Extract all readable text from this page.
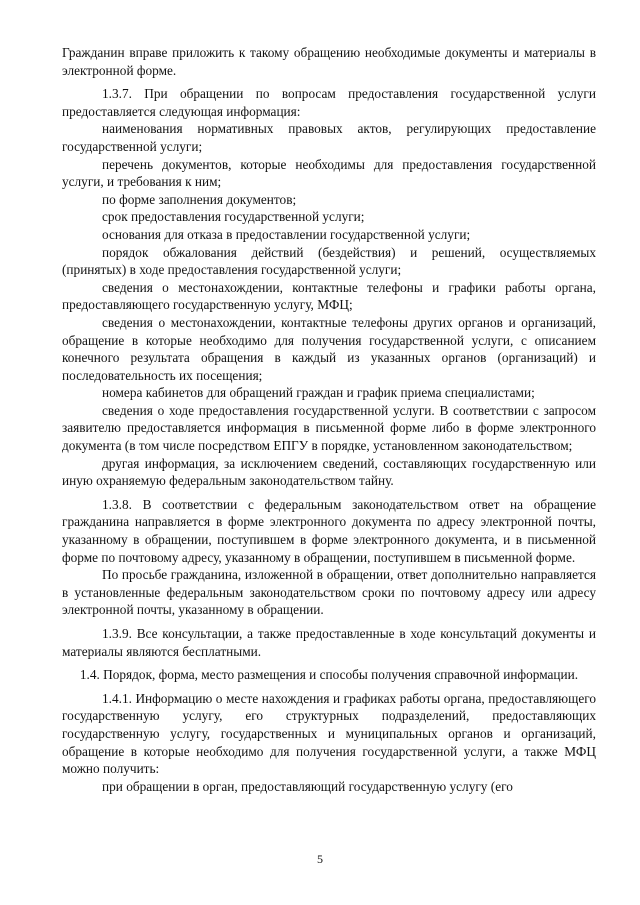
Гражданин вправе приложить к такому обращению необходимые документы и материалы в электронной форме.

1.3.7. При обращении по вопросам предоставления государственной услуги предоставляется следующая информация:

наименования нормативных правовых актов, регулирующих предоставление государственной услуги;

перечень документов, которые необходимы для предоставления государственной услуги, и требования к ним;

по форме заполнения документов;

срок предоставления государственной услуги;

основания для отказа в предоставлении государственной услуги;

порядок обжалования действий (бездействия) и решений, осуществляемых (принятых) в ходе предоставления государственной услуги;

сведения о местонахождении, контактные телефоны и графики работы органа, предоставляющего государственную услугу, МФЦ;

сведения о местонахождении, контактные телефоны других органов и организаций, обращение в которые необходимо для получения государственной услуги, с описанием конечного результата обращения в каждый из указанных органов (организаций) и последовательность их посещения;

номера кабинетов для обращений граждан и график приема специалистами;

сведения о ходе предоставления государственной услуги. В соответствии с запросом заявителю предоставляется информация в письменной форме либо в форме электронного документа (в том числе посредством ЕПГУ в порядке, установленном законодательством;

другая информация, за исключением сведений, составляющих государственную или иную охраняемую федеральным законодательством тайну.

1.3.8. В соответствии с федеральным законодательством ответ на обращение гражданина направляется в форме электронного документа по адресу электронной почты, указанному в обращении, поступившем в форме электронного документа, и в письменной форме по почтовому адресу, указанному в обращении, поступившем в письменной форме.

По просьбе гражданина, изложенной в обращении, ответ дополнительно направляется в установленные федеральным законодательством сроки по почтовому адресу или адресу электронной почты, указанному в обращении.

1.3.9. Все консультации, а также предоставленные в ходе консультаций документы и материалы являются бесплатными.

1.4. Порядок, форма, место размещения и способы получения справочной информации.

1.4.1. Информацию о месте нахождения и графиках работы органа, предоставляющего государственную услугу, его структурных подразделений, предоставляющих государственную услугу, государственных и муниципальных органов и организаций, обращение в которые необходимо для получения государственной услуги, а также МФЦ можно получить:

при обращении в орган, предоставляющий государственную услугу (его

5
